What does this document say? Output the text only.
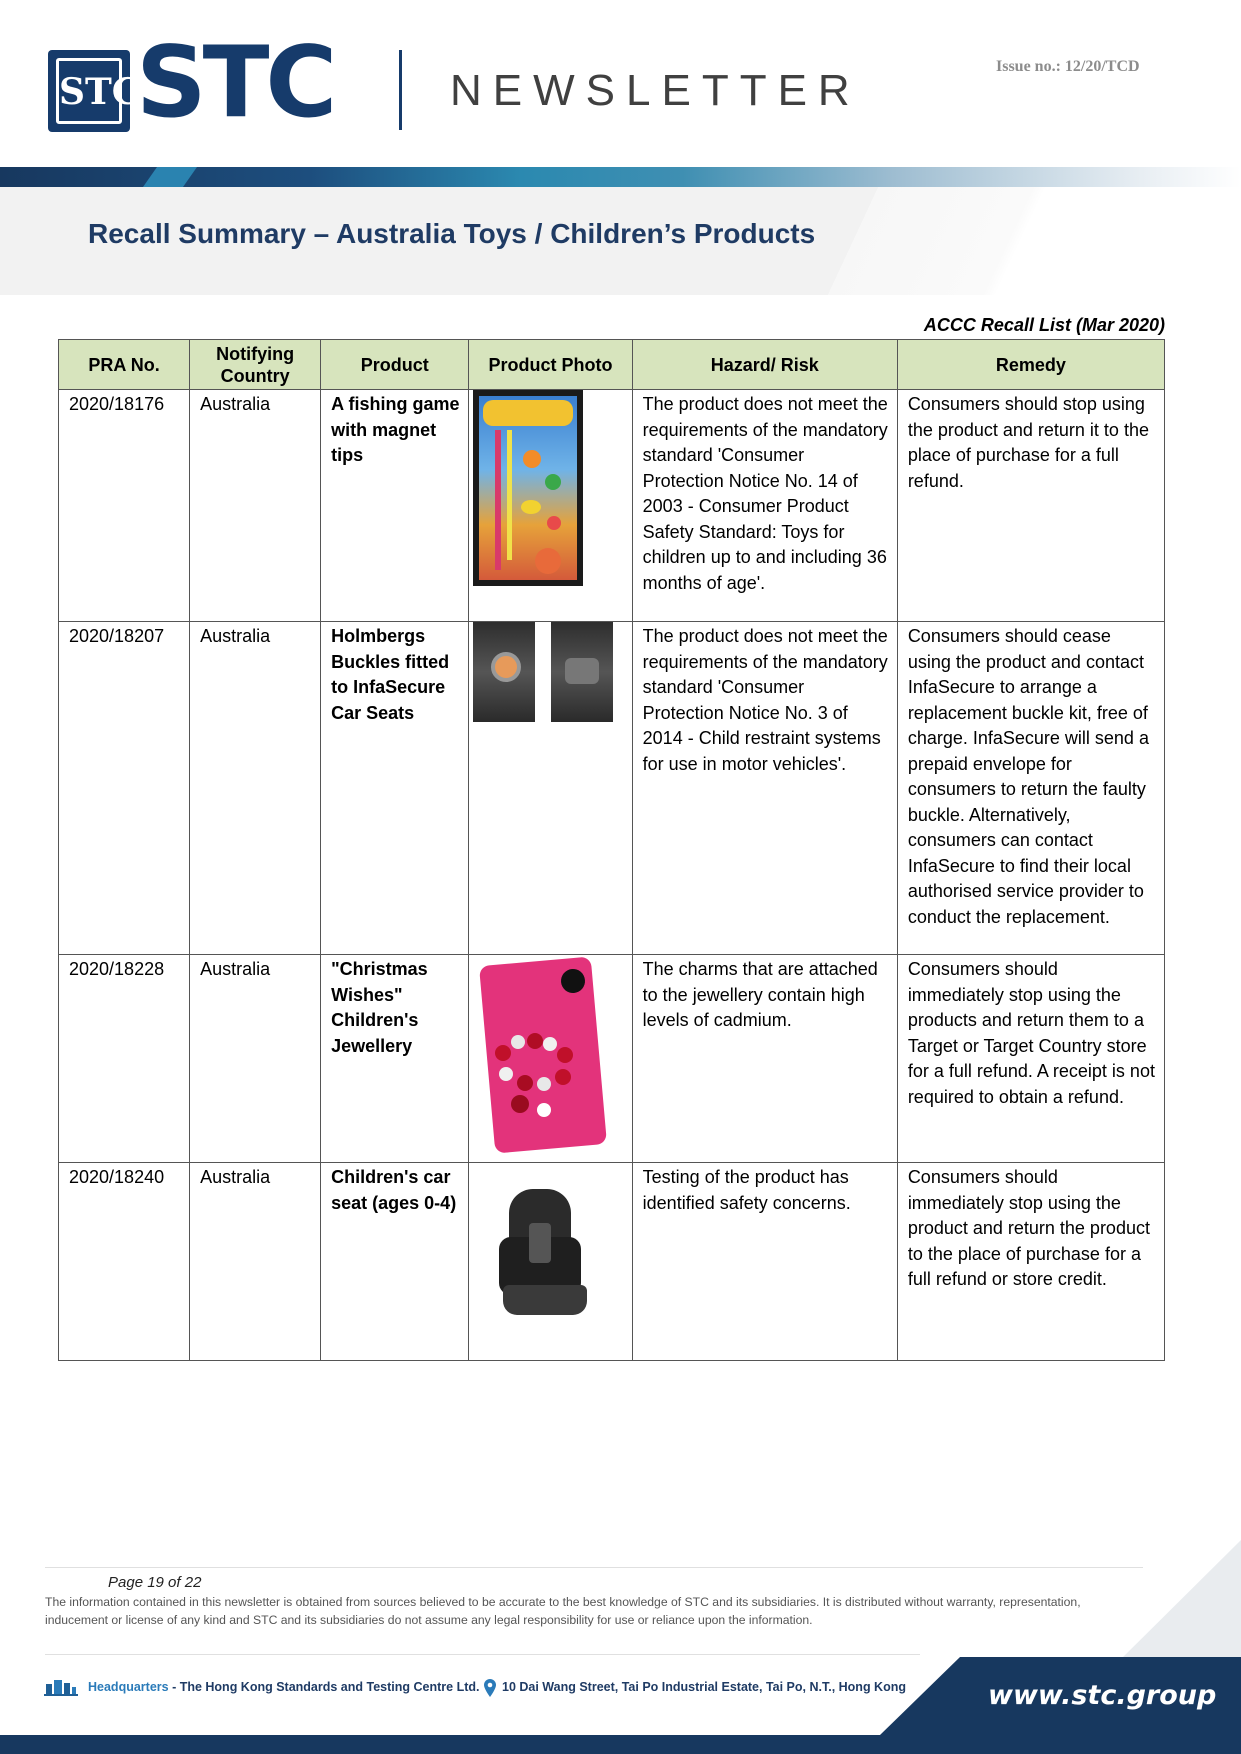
STC
STC	NEWSLETTER	Issue no.: 12/20/TCD
Recall Summary – Australia Toys / Children’s Products
ACCC Recall List (Mar 2020)
PRA No.	Notifying Country	Product	Product Photo	Hazard/ Risk	Remedy
2020/18176	Australia	A fishing game with magnet tips		The product does not meet the requirements of the mandatory standard 'Consumer Protection Notice No. 14 of 2003 - Consumer Product Safety Standard: Toys for children up to and including 36 months of age'.	Consumers should stop using the product and return it to the place of purchase for a full refund.
2020/18207	Australia	Holmbergs Buckles fitted to InfaSecure Car Seats		The product does not meet the requirements of the mandatory standard 'Consumer Protection Notice No. 3 of 2014 - Child restraint systems for use in motor vehicles'.	Consumers should cease using the product and contact InfaSecure to arrange a replacement buckle kit, free of charge. InfaSecure will send a prepaid envelope for consumers to return the faulty buckle. Alternatively, consumers can contact InfaSecure to find their local authorised service provider to conduct the replacement.
2020/18228	Australia	"Christmas Wishes" Children's Jewellery		The charms that are attached to the jewellery contain high levels of cadmium.	Consumers should immediately stop using the products and return them to a Target or Target Country store for a full refund. A receipt is not required to obtain a refund.
2020/18240	Australia	Children's car seat (ages 0-4)		Testing of the product has identified safety concerns.	Consumers should immediately stop using the product and return the product to the place of purchase for a full refund or store credit.
Page 19 of 22
The information contained in this newsletter is obtained from sources believed to be accurate to the best knowledge of STC and its subsidiaries. It is distributed without warranty, representation, inducement or license of any kind and STC and its subsidiaries do not assume any legal responsibility for use or reliance upon the information.
Headquarters - The Hong Kong Standards and Testing Centre Ltd. 10 Dai Wang Street, Tai Po Industrial Estate, Tai Po, N.T., Hong Kong	www.stc.group
